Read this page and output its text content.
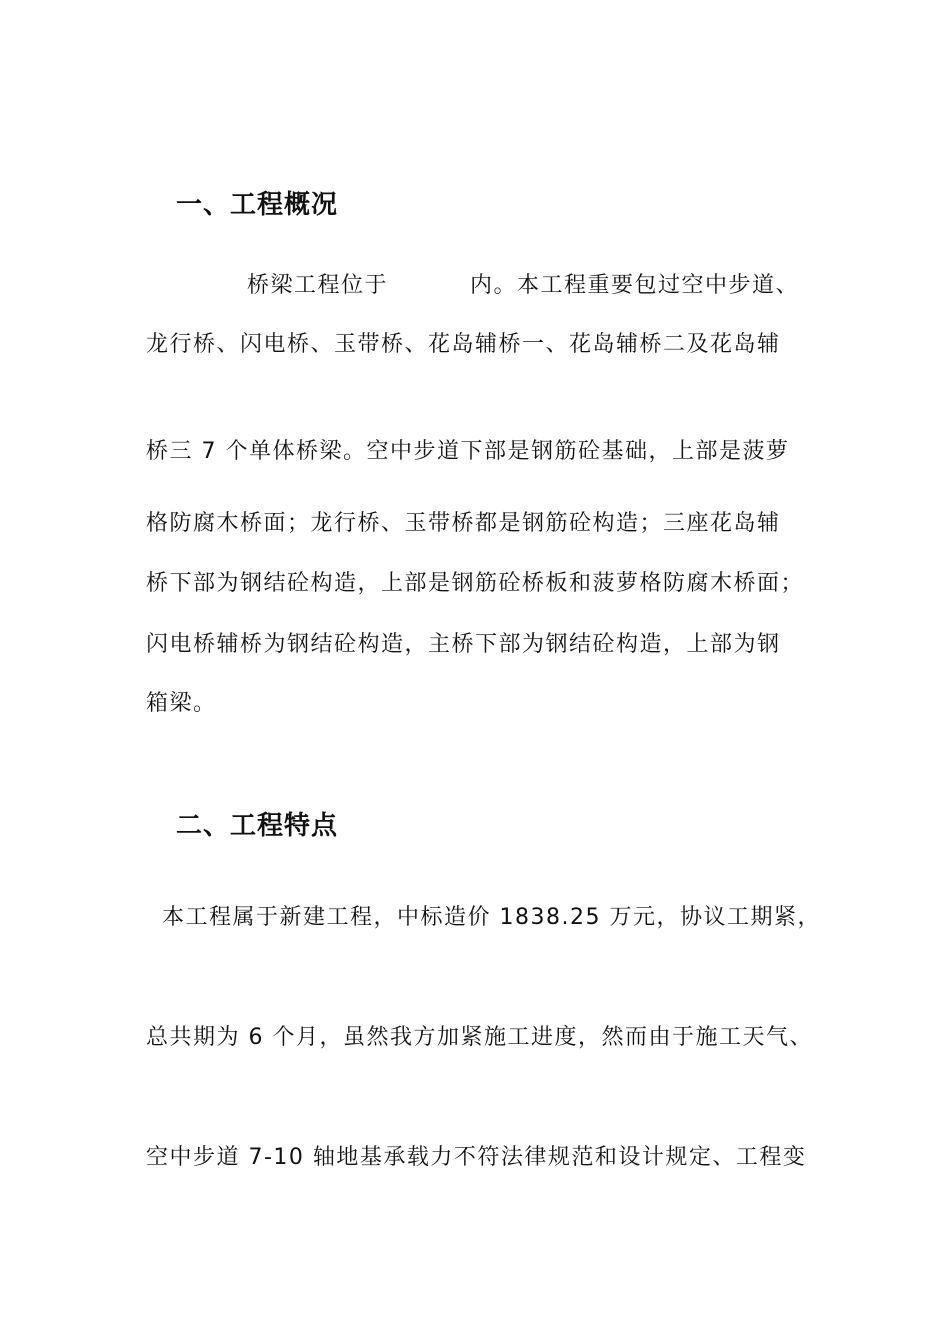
一、工程概况
桥梁工程位于	内。本工程重要包过空中步道、
龙行桥、闪电桥、玉带桥、花岛辅桥一、花岛辅桥二及花岛辅
桥三 7 个单体桥梁。空中步道下部是钢筋砼基础，上部是菠萝
格防腐木桥面；龙行桥、玉带桥都是钢筋砼构造；三座花岛辅
桥下部为钢结砼构造，上部是钢筋砼桥板和菠萝格防腐木桥面；
闪电桥辅桥为钢结砼构造，主桥下部为钢结砼构造，上部为钢
箱梁。
二、工程特点
本工程属于新建工程，中标造价 1838.25 万元，协议工期紧，
总共期为 6 个月，虽然我方加紧施工进度，然而由于施工天气、
空中步道 7-10 轴地基承载力不符法律规范和设计规定、工程变
